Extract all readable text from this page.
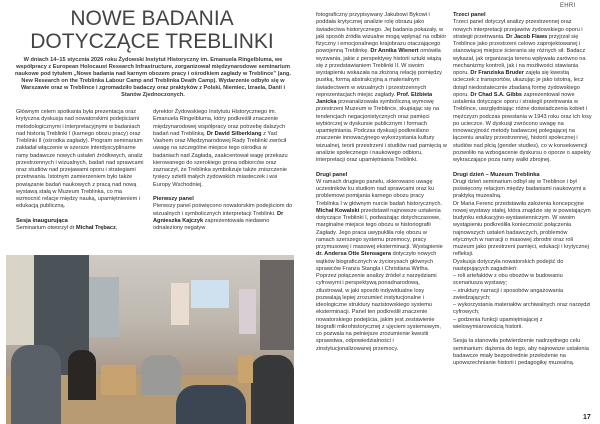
EHRI
NOWE BADANIA DOTYCZĄCE TREBLINKI

W dniach 14–15 stycznia 2026 roku Żydowski Instytut Historyczny im. Emanuela Ringelbluma, we współpracy z European Holocaust Research Infrastructure, zorganizował międzynarodowe seminarium naukowe pod tytułem „Nowe badania nad karnym obozem pracy i ośrodkiem zagłady w Treblince” (ang. New Research on the Treblinka Labour Camp and Treblinka Death Camp). Wydarzenie odbyło się w Warszawie oraz w Treblince i zgromadziło badaczy oraz praktyków z Polski, Niemiec, Izraela, Danii i Stanów Zjednoczonych.

Głównym celem spotkania była prezentacja oraz krytyczna dyskusja nad nowatorskimi podejściami metodologicznymi i interpretacyjnymi w badaniach nad historią Treblinki I (karnego obozu pracy) oraz Treblinki II (ośrodka zagłady). Program seminarium zakładał włączenie w szersze interdyscyplinarne ramy badawcze nowych ustaleń źródłowych, analiz przestrzennych i wizualnych, badań nad sprawcami oraz studiów nad przejawami oporu i strategiami przetrwania. Istotnym zamierzeniem było także powiązanie badań naukowych z pracą nad nową wystawą stałą w Muzeum Treblinka, co ma wzmocnić relacje między nauką, upamiętnieniem i edukacją publiczną.

Sesja inaugurująca

Seminarium otworzył dr Michał Trębacz,

dyrektor Żydowskiego Instytutu Historycznego im. Emanuela Ringelbluma, który podkreślił znaczenie międzynarodowej współpracy oraz potrzebę dalszych badań nad Treblinką. Dr David Silberklang z Yad Vashem oraz Międzynarodowej Rady Treblinki zwrócił uwagę na szczególne miejsce tego ośrodka w badaniach nad Zagładą, zaakcentował wagę przekazu kierowanego do szerokiego grona odbiorców oraz zaznaczył, że Treblinka symbolizuje także zniszczenie tysięcy sztetli małych żydowskich miasteczek i wsi Europy Wschodniej.

Pierwszy panel

Pierwszy panel poświęcono nowatorskim podejściom do wizualnych i symbolicznych interpretacji Treblinki. Dr Agnieszka Kajczyk zaprezentowała niedawno odnaleziony negatyw

fotograficzny przypisywany Jakubowi Bykowi i poddała krytycznej analizie rolę obrazu jako świadectwa historycznego. Jej badania pokazały, w jaki sposób źródła wizualne mogą wpłynąć na odbiór fizyczny i emocjonalnego krajobrazu otaczającego powojenną Treblinkę. Dr Annika Wienert omówiła wyzwania, jakie z perspektywy historii sztuki wiążą się z przedstawianiem Treblinki II. W swoim wystąpieniu wskazała na złożoną relację pomiędzy pustką, formą abstrakcyjną a materialnym świadectwem w wizualnych i przestrzennych reprezentacjach miejsc zagłady. Prof. Elżbieta Janicka przeanalizowała symboliczną wymowę przestrzeni Muzeum w Treblince, skupiając się na tendencjach negacjonistycznych oraz pamięci wybiórczej w dyskursie publicznym i formach upamiętniania. Podczas dyskusji podkreślano znaczenie innowacyjnego wykorzystania kultury wizualnej, teorii przestrzeni i studiów nad pamięcią w analizie społecznego i naukowego odbioru, interpretacji oraz upamiętniania Treblinki.

Drugi panel

W ramach drugiego panelu, skierowano uwagę uczestników ku studiom nad sprawcami oraz ku problemowi pomijania karnego obozu pracy Treblinka I w głównym nurcie badań historycznych. Michał Kowalski przedstawił najnowsze ustalenia dotyczące Treblinki I, podważając dotychczasowe, marginalne miejsce tego obozu w historiografii Zagłady. Jego praca uwypukliła rolę obozu w ramach szerszego systemu przemocy, pracy przymusowej i masowej eksterminacji. Wystąpienie dr. Andersa Otte Stensagera dotyczyło nowych wątków biograficznych w życiorysach głównych sprawców Franza Stangla i Christiana Wirtha. Poprzez połączenie analizy źródeł z narzędziami cyfrowymi i perspektywą ponadnarodową, zilustrował, w jaki sposób indywidualne losy pozwalają lepiej zrozumieć instytucjonalne i ideologiczne struktury nazistowskiego systemu eksterminacji. Panel ten podkreślił znaczenie nowatorskiego podejścia, jakim jest zestawienie biografii mikrohistorycznej z ujęciem systemowym, co pozwala na pełniejsze zrozumienie kwestii sprawstwa, odpowiedzialności i zinstytucjonalizowanej przemocy.

Trzeci panel

Trzeci panel dotyczył analizy przestrzennej oraz nowych interpretacji przejawów żydowskiego oporu i strategii przetrwania. Dr Jacob Flaws przyjrzał się Treblince jako przestrzeni celowo zaprojektowanej i stanowiącej miejsce ścierania się różnych sił. Badacz wykazał, jak organizacja terenu wpływała zarówno na mechanizmy kontroli, jak i na możliwości stawiania oporu. Dr Franziska Bruder zajęła się kwestią ucieczek z transportów, ukazując je jako istotną, lecz dotąd niedostatecznie zbadaną formę żydowskiego oporu. Dr Chad S.A. Gibbs zaprezentował nowe ustalenia dotyczące oporu i strategii przetrwania w Treblince, uwzględniając różne doświadczenia kobiet i mężczyzn podczas powstania w 1943 roku oraz ich losy po ucieczce. W dyskusji zwrócono uwagę na innowacyjność metody badawczej polegającej na łączeniu analizy przestrzennej, historii społecznej i studiów nad płcią (gender studies), co w konsekwencji pozwoliło na wzbogacenie dyskursu o oporze o aspekty wykraczające poza ramy walki zbrojnej.

Drugi dzień – Muzeum Treblinka

Drugi dzień seminarium odbył się w Treblince i był poświęcony relacjom między badaniami naukowymi a praktyką muzealną.

Dr Maria Ferenc przedstawiła założenia koncepcyjne nowej wystawy stałej, która znajdzie się w powstającym budynku edukacyjno-wystawienniczym. W swoim wystąpieniu podkreśliła konieczność połączenia najnowszych ustaleń badawczych, problemów etycznych w narracji o masowej zbrodni oraz roli muzeum jako przestrzeni pamięci, edukacji i krytycznej refleksji.

Dyskusja dotyczyła nowatorskich podejść do następujących zagadnień:

– roli artefaktów z obu obozów w budowaniu scenariusza wystawy;

– struktury narracji i sposobów angażowania zwiedzających;

– wykorzystania materiałów archiwalnych oraz narzędzi cyfrowych;

– godzenia funkcji upamiętniającej z wielowymiarowością historii.

Sesja ta stanowiła potwierdzenie nadrzędnego celu seminarium: dążenia do tego, aby najnowsze ustalenia badawcze miały bezpośrednie przełożenie na upowszechnianie historii i pedagogikę muzealną.

17
